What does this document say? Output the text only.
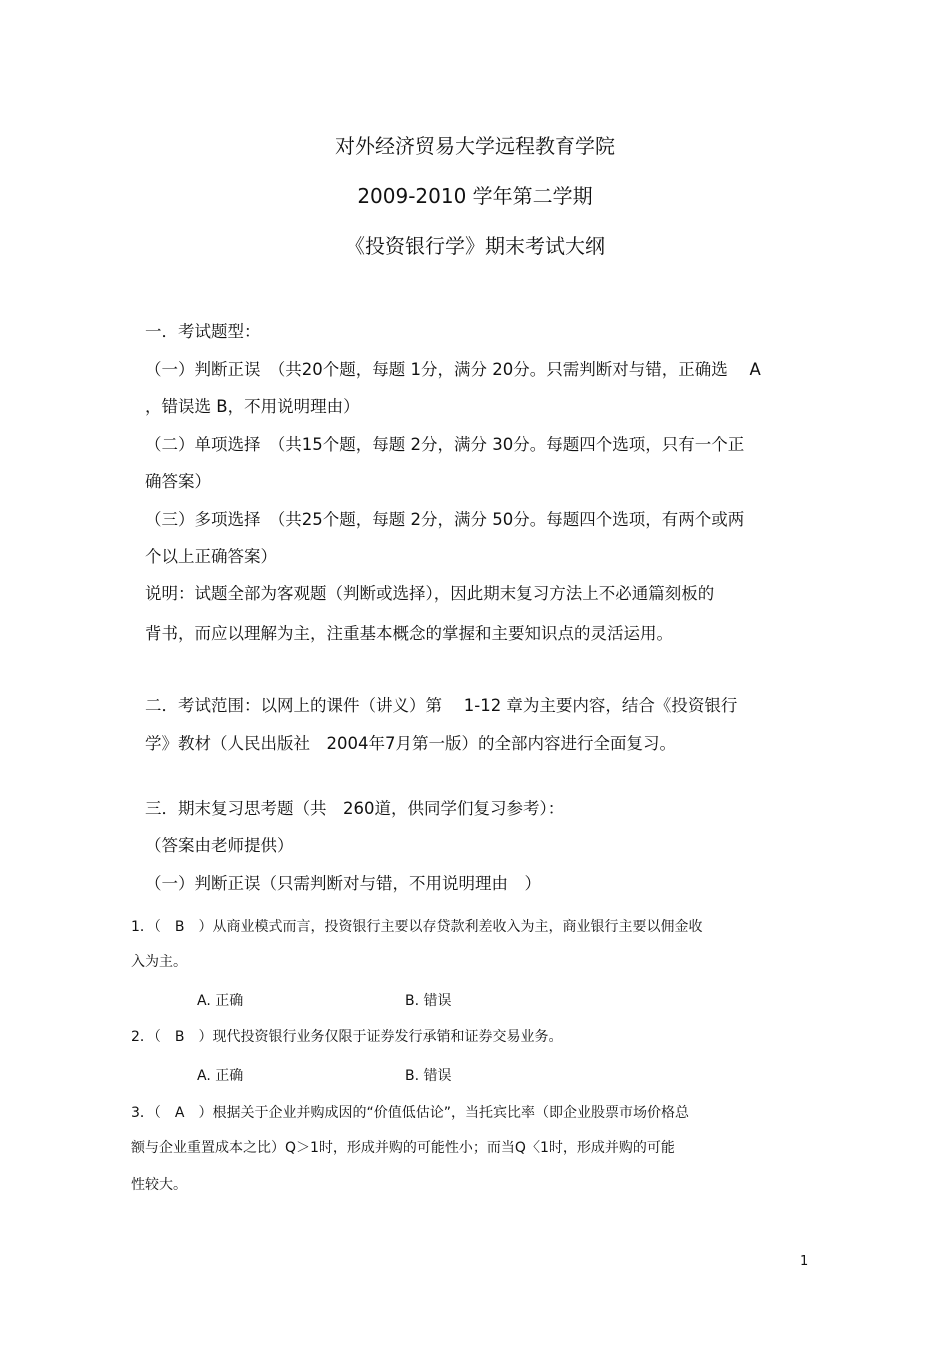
对外经济贸易大学远程教育学院
2009-2010 学年第二学期
《投资银行学》期末考试大纲
一．考试题型：
（一）判断正误　（共20个题，每题 1分，满分 20分。只需判断对与错，正确选　 A
，错误选 B，不用说明理由）
（二）单项选择　（共15个题，每题 2分，满分 30分。每题四个选项，只有一个正
确答案）
（三）多项选择　（共25个题，每题 2分，满分 50分。每题四个选项，有两个或两
个以上正确答案）
说明：试题全部为客观题（判断或选择），因此期末复习方法上不必通篇刻板的
背书，而应以理解为主，注重基本概念的掌握和主要知识点的灵活运用。
二．考试范围：以网上的课件（讲义）第　 1-12 章为主要内容，结合《投资银行
学》教材（人民出版社　2004年7月第一版）的全部内容进行全面复习。
三．期末复习思考题（共　260道，供同学们复习参考）：
（答案由老师提供）
（一）判断正误（只需判断对与错，不用说明理由　）
1．（　B　）从商业模式而言，投资银行主要以存贷款利差收入为主，商业银行主要以佣金收
入为主。
A. 正确	B. 错误
2．（　B　）现代投资银行业务仅限于证券发行承销和证券交易业务。
A. 正确	B. 错误
3．（　A　）根据关于企业并购成因的“价值低估论”，当托宾比率（即企业股票市场价格总
额与企业重置成本之比）Q＞1时，形成并购的可能性小；而当Q〈1时，形成并购的可能
性较大。
1
